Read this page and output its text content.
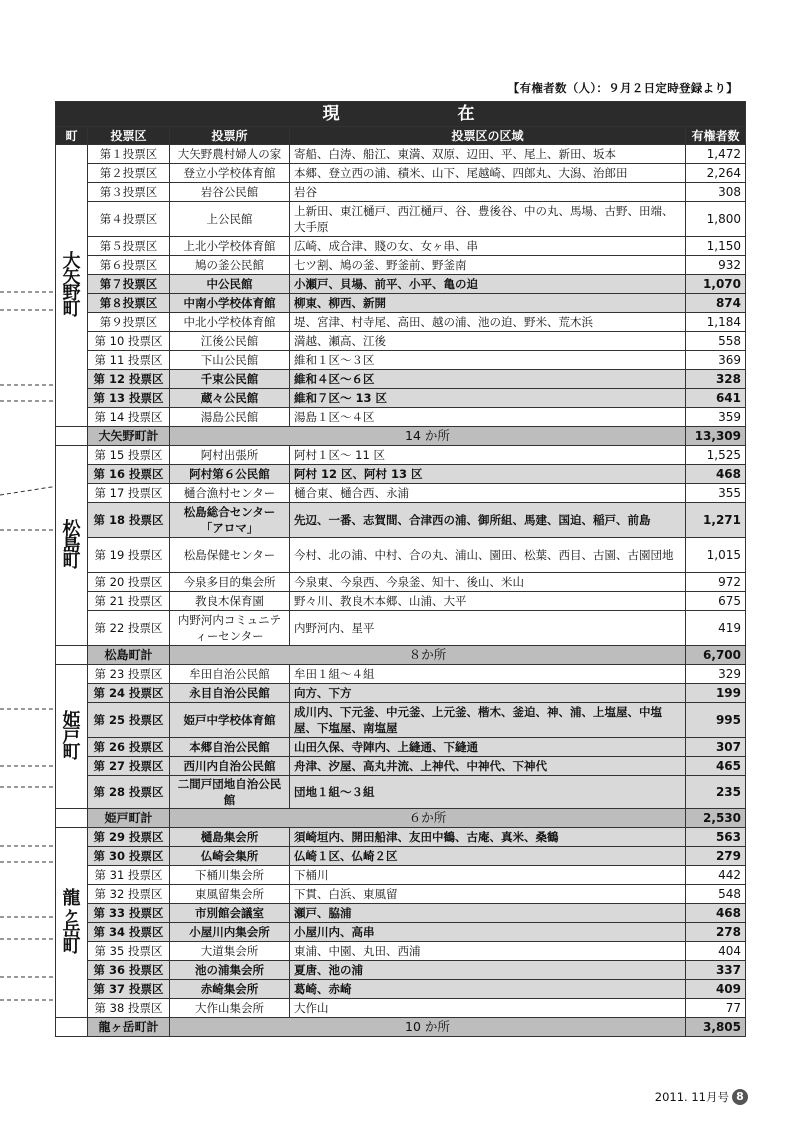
【有権者数（人）：９月２日定時登録より】
現　　在				
町	投票区	投票所	投票区の区域	有権者数

大
矢
野
町	第１投票区	大矢野農村婦人の家	寄船、白涛、船江、東満、双原、辺田、平、尾上、新田、坂本	1,472
	第２投票区	登立小学校体育館	本郷、登立西の浦、積米、山下、尾越崎、四郎丸、大潟、治郎田	2,264
	第３投票区	岩谷公民館	岩谷	308
	第４投票区	上公民館	上新田、東江樋戸、西江樋戸、谷、豊後谷、中の丸、馬場、古野、田端、大手原	1,800
	第５投票区	上北小学校体育館	広崎、成合津、賤の女、女ヶ串、串	1,150
	第６投票区	鳩の釜公民館	七ツ割、鳩の釜、野釜前、野釜南	932
	第７投票区	中公民館	小瀬戸、貝場、前平、小平、亀の迫	1,070
	第８投票区	中南小学校体育館	柳東、柳西、新開	874
	第９投票区	中北小学校体育館	堤、宮津、村寺尾、高田、越の浦、池の迫、野米、荒木浜	1,184
	第 10 投票区	江後公民館	満越、瀬高、江後	558
	第 11 投票区	下山公民館	維和１区～３区	369
	第 12 投票区	千束公民館	維和４区～６区	328
	第 13 投票区	蔵々公民館	維和７区～ 13 区	641
	第 14 投票区	湯島公民館	湯島１区～４区	359
	大矢野町計	14 か所		13,309

松
島
町	第 15 投票区	阿村出張所	阿村１区～ 11 区	1,525
	第 16 投票区	阿村第６公民館	阿村 12 区、阿村 13 区	468
	第 17 投票区	樋合漁村センター	樋合東、樋合西、永浦	355
	第 18 投票区	松島総合センター「アロマ」	先辺、一番、志賀間、合津西の浦、御所組、馬建、国迫、稲戸、前島	1,271
	第 19 投票区	松島保健センター	今村、北の浦、中村、合の丸、浦山、園田、松葉、西目、古園、古園団地	1,015
	第 20 投票区	今泉多目的集会所	今泉東、今泉西、今泉釜、知十、後山、米山	972
	第 21 投票区	教良木保育園	野々川、教良木本郷、山浦、大平	675
	第 22 投票区	内野河内コミュニティーセンター	内野河内、星平	419
	松島町計	８か所		6,700

姫
戸
町	第 23 投票区	牟田自治公民館	牟田１組～４組	329
	第 24 投票区	永目自治公民館	向方、下方	199
	第 25 投票区	姫戸中学校体育館	成川内、下元釜、中元釜、上元釜、楷木、釜迫、神、浦、上塩屋、中塩屋、下塩屋、南塩屋	995
	第 26 投票区	本郷自治公民館	山田久保、寺陣内、上縫通、下縫通	307
	第 27 投票区	西川内自治公民館	舟津、汐屋、高丸井流、上神代、中神代、下神代	465
	第 28 投票区	二間戸団地自治公民館	団地１組～３組	235
	姫戸町計	６か所		2,530

龍
ヶ
岳
町	第 29 投票区	樋島集会所	須崎垣内、開田船津、友田中鶴、古庵、真米、桑鶴	563
	第 30 投票区	仏崎会集所	仏崎１区、仏崎２区	279
	第 31 投票区	下桶川集会所	下桶川	442
	第 32 投票区	東風留集会所	下貫、白浜、東風留	548
	第 33 投票区	市別館会議室	瀬戸、脇浦	468
	第 34 投票区	小屋川内集会所	小屋川内、高串	278
	第 35 投票区	大道集会所	東浦、中園、丸田、西浦	404
	第 36 投票区	池の浦集会所	夏唐、池の浦	337
	第 37 投票区	赤崎集会所	葛崎、赤崎	409
	第 38 投票区	大作山集会所	大作山	77
	龍ヶ岳町計	10 か所		3,805
2011. 11月号 8
